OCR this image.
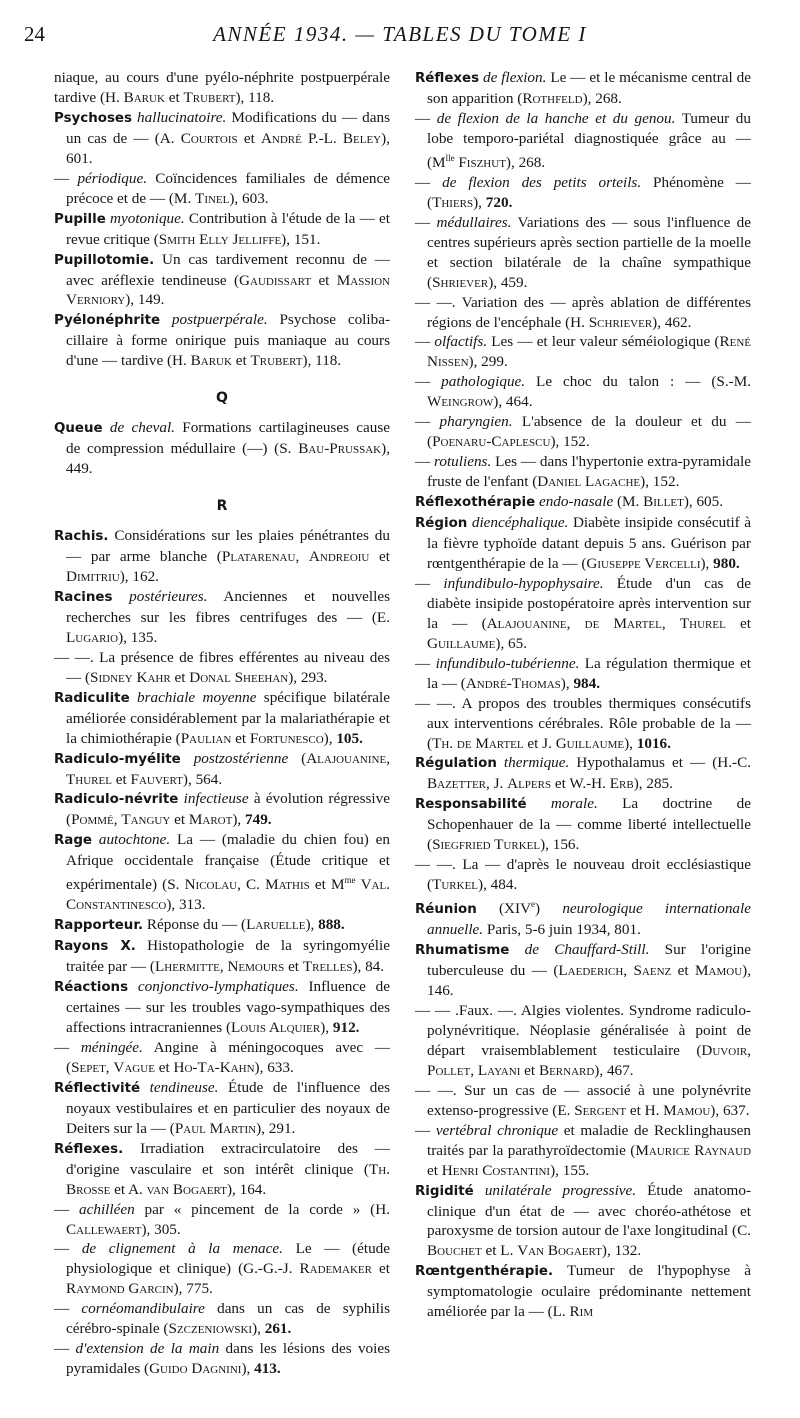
24	ANNÉE 1934. — TABLES DU TOME I

niaque, au cours d'une pyélo-néphrite postpuerpérale tardive (H. Baruk et Trubert), 118.

Psychoses hallucinatoire. Modifications du — dans un cas de — (A. Courtois et André P.-L. Beley), 601.

— périodique. Coïncidences familiales de démence précoce et de — (M. Tinel), 603.

Pupille myotonique. Contribution à l'étude de la — et revue critique (Smith Elly Jelliffe), 151.

Pupillotomie. Un cas tardivement reconnu de — avec aréflexie tendineuse (Gaudissart et Massion Verniory), 149.

Pyélonéphrite postpuerpérale. Psychose coliba-cillaire à forme onirique puis maniaque au cours d'une — tardive (H. Baruk et Trubert), 118.

Q

Queue de cheval. Formations cartilagineuses cause de compression médullaire (—) (S. Bau-Prussak), 449.

R

Rachis. Considérations sur les plaies pénétrantes du — par arme blanche (Platarenau, Andreoiu et Dimitriu), 162.

Racines postérieures. Anciennes et nouvelles recherches sur les fibres centrifuges des — (E. Lugario), 135.

— —. La présence de fibres efférentes au niveau des — (Sidney Kahr et Donal Sheehan), 293.

Radiculite brachiale moyenne spécifique bilatérale améliorée considérablement par la malariathérapie et la chimiothérapie (Paulian et Fortunesco), 105.

Radiculo-myélite postzostérienne (Alajouanine, Thurel et Fauvert), 564.

Radiculo-névrite infectieuse à évolution régressive (Pommé, Tanguy et Marot), 749.

Rage autochtone. La — (maladie du chien fou) en Afrique occidentale française (Étude critique et expérimentale) (S. Nicolau, C. Mathis et $M^{me}$ Val. Constantinesco), 313.

Rapporteur. Réponse du — (Laruelle), 888.

Rayons X. Histopathologie de la syringomyélie traitée par — (Lhermitte, Nemours et Trelles), 84.

Réactions conjonctivo-lymphatiques. Influence de certaines — sur les troubles vago-sympathiques des affections intracraniennes (Louis Alquier), 912.

— méningée. Angine à méningocoques avec — (Sepet, Vague et Ho-Ta-Kahn), 633.

Réflectivité tendineuse. Étude de l'influence des noyaux vestibulaires et en particulier des noyaux de Deiters sur la — (Paul Martin), 291.

Réflexes. Irradiation extracirculatoire des — d'origine vasculaire et son intérêt clinique (Th. Brosse et A. van Bogaert), 164.

— achilléen par « pincement de la corde » (H. Callewaert), 305.

— de clignement à la menace. Le — (étude physiologique et clinique) (G.-G.-J. Rademaker et Raymond Garcin), 775.

— cornéomandibulaire dans un cas de syphilis cérébro-spinale (Szczeniowski), 261.

— d'extension de la main dans les lésions des voies pyramidales (Guido Dagnini), 413.

Réflexes de flexion. Le — et le mécanisme central de son apparition (Rothfeld), 268.

— de flexion de la hanche et du genou. Tumeur du lobe temporo-pariétal diagnostiquée grâce au — ($M^{lle}$ Fiszhut), 268.

— de flexion des petits orteils. Phénomène — (Thiers), 720.

— médullaires. Variations des — sous l'influence de centres supérieurs après section partielle de la moelle et section bilatérale de la chaîne sympathique (Shriever), 459.

— —. Variation des — après ablation de différentes régions de l'encéphale (H. Schriever), 462.

— olfactifs. Les — et leur valeur séméiologique (René Nissen), 299.

— pathologique. Le choc du talon : — (S.-M. Weingrow), 464.

— pharyngien. L'absence de la douleur et du — (Poenaru-Caplescu), 152.

— rotuliens. Les — dans l'hypertonie extra-pyramidale fruste de l'enfant (Daniel Lagache), 152.

Réflexothérapie endo-nasale (M. Billet), 605.

Région diencéphalique. Diabète insipide consécutif à la fièvre typhoïde datant depuis 5 ans. Guérison par rœntgenthérapie de la — (Giuseppe Vercelli), 980.

— infundibulo-hypophysaire. Étude d'un cas de diabète insipide postopératoire après intervention sur la — (Alajouanine, de Martel, Thurel et Guillaume), 65.

— infundibulo-tubérienne. La régulation thermique et la — (André-Thomas), 984.

— —. A propos des troubles thermiques consécutifs aux interventions cérébrales. Rôle probable de la — (Th. de Martel et J. Guillaume), 1016.

Régulation thermique. Hypothalamus et — (H.-C. Bazetter, J. Alpers et W.-H. Erb), 285.

Responsabilité morale. La doctrine de Schopenhauer de la — comme liberté intellectuelle (Siegfried Turkel), 156.

— —. La — d'après le nouveau droit ecclésiastique (Turkel), 484.

Réunion (XIVe) neurologique internationale annuelle. Paris, 5-6 juin 1934, 801.

Rhumatisme de Chauffard-Still. Sur l'origine tuberculeuse du — (Laederich, Saenz et Mamou), 146.

— — .Faux. —. Algies violentes. Syndrome radiculo-polynévritique. Néoplasie généralisée à point de départ vraisemblablement testiculaire (Duvoir, Pollet, Layani et Bernard), 467.

— —. Sur un cas de — associé à une polynévrite extenso-progressive (E. Sergent et H. Mamou), 637.

— vertébral chronique et maladie de Recklinghausen traités par la parathyroïdectomie (Maurice Raynaud et Henri Costantini), 155.

Rigidité unilatérale progressive. Étude anatomo-clinique d'un état de — avec choréo-athétose et paroxysme de torsion autour de l'axe longitudinal (C. Bouchet et L. Van Bogaert), 132.

Rœntgenthérapie. Tumeur de l'hypophyse à symptomatologie oculaire prédominante nettement améliorée par la — (L. Rim
